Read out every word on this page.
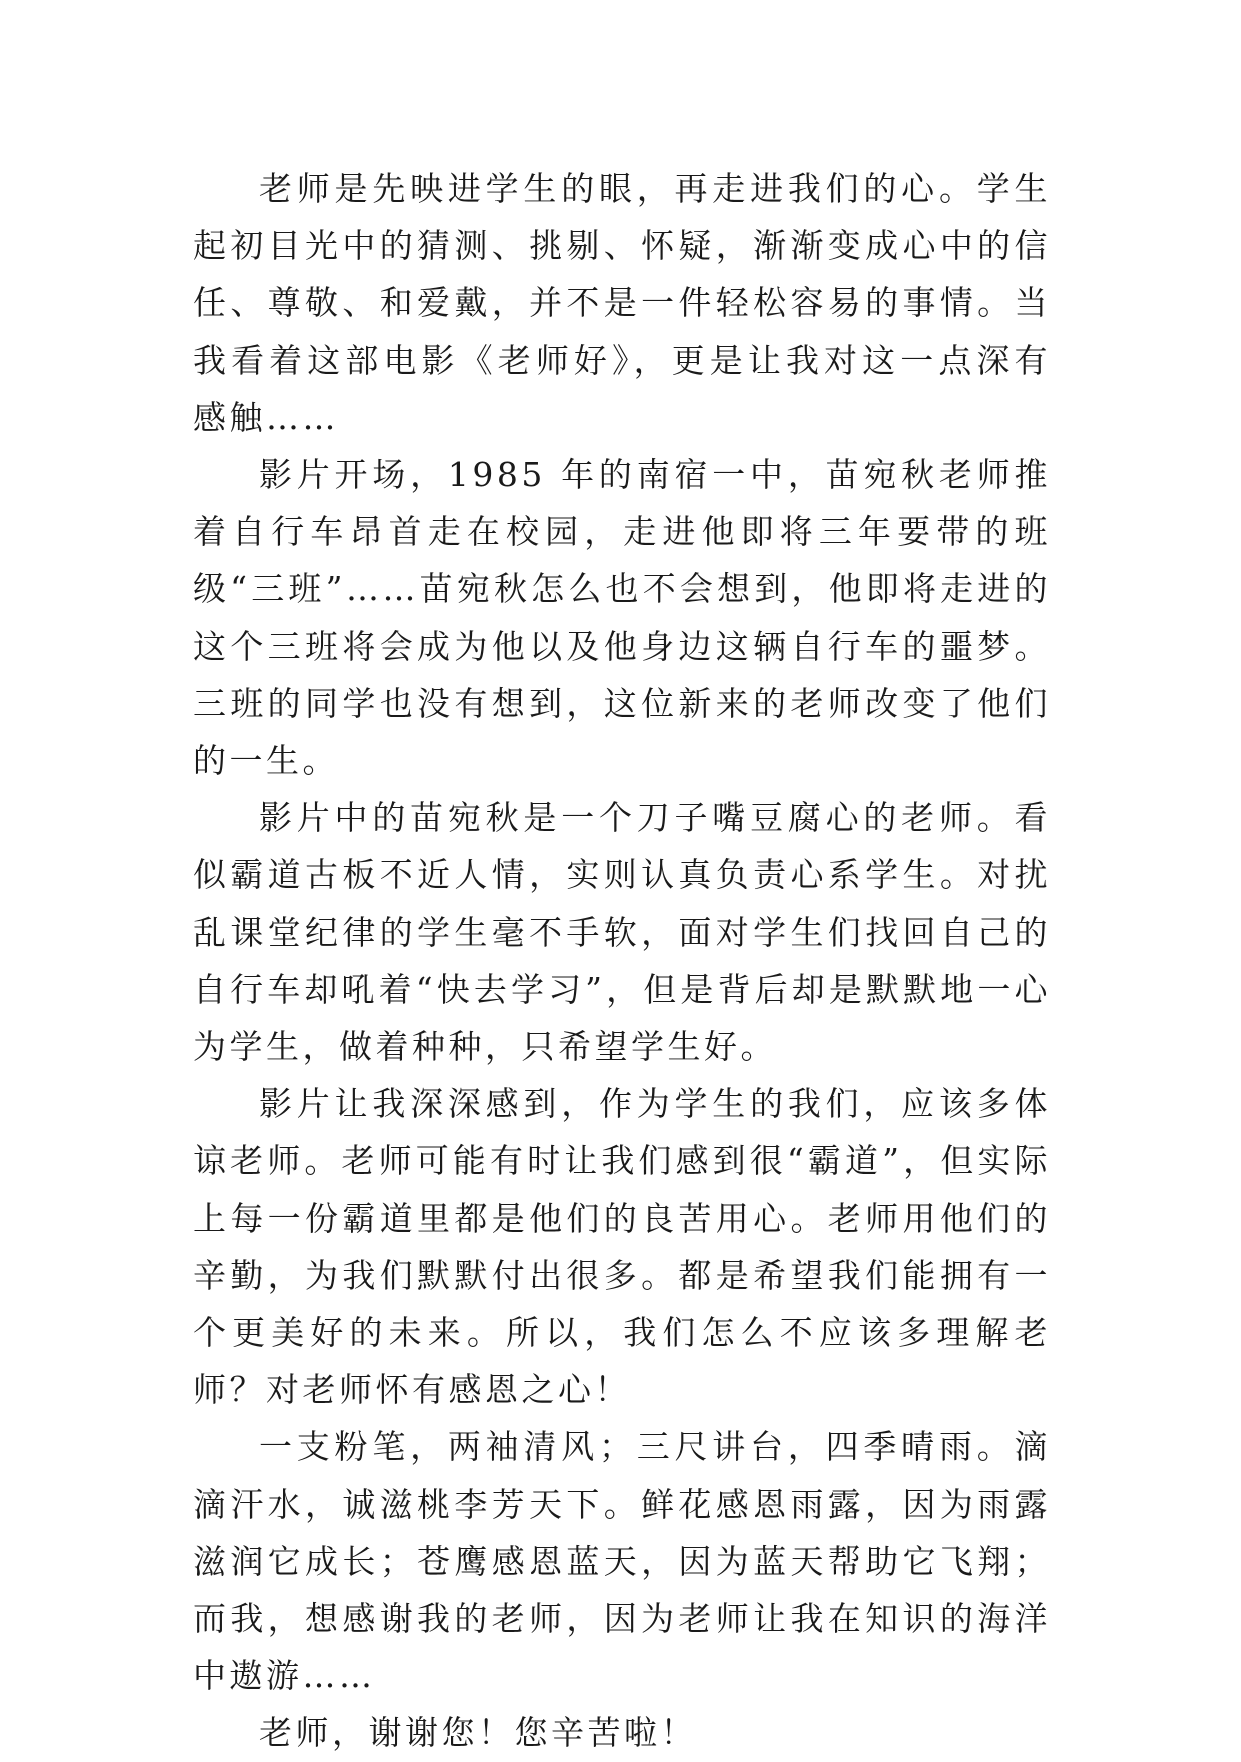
老师是先映进学生的眼，再走进我们的心。学生起初目光中的猜测、挑剔、怀疑，渐渐变成心中的信任、尊敬、和爱戴，并不是一件轻松容易的事情。当我看着这部电影《老师好》，更是让我对这一点深有感触……

影片开场，1985 年的南宿一中，苗宛秋老师推着自行车昂首走在校园，走进他即将三年要带的班级“三班”……苗宛秋怎么也不会想到，他即将走进的这个三班将会成为他以及他身边这辆自行车的噩梦。三班的同学也没有想到，这位新来的老师改变了他们的一生。

影片中的苗宛秋是一个刀子嘴豆腐心的老师。看似霸道古板不近人情，实则认真负责心系学生。对扰乱课堂纪律的学生毫不手软，面对学生们找回自己的自行车却吼着“快去学习”，但是背后却是默默地一心为学生，做着种种，只希望学生好。

影片让我深深感到，作为学生的我们，应该多体谅老师。老师可能有时让我们感到很“霸道”，但实际上每一份霸道里都是他们的良苦用心。老师用他们的辛勤，为我们默默付出很多。都是希望我们能拥有一个更美好的未来。所以，我们怎么不应该多理解老师？对老师怀有感恩之心！

一支粉笔，两袖清风；三尺讲台，四季晴雨。滴滴汗水，诚滋桃李芳天下。鲜花感恩雨露，因为雨露滋润它成长；苍鹰感恩蓝天，因为蓝天帮助它飞翔；而我，想感谢我的老师，因为老师让我在知识的海洋中遨游……

老师，谢谢您！您辛苦啦！
